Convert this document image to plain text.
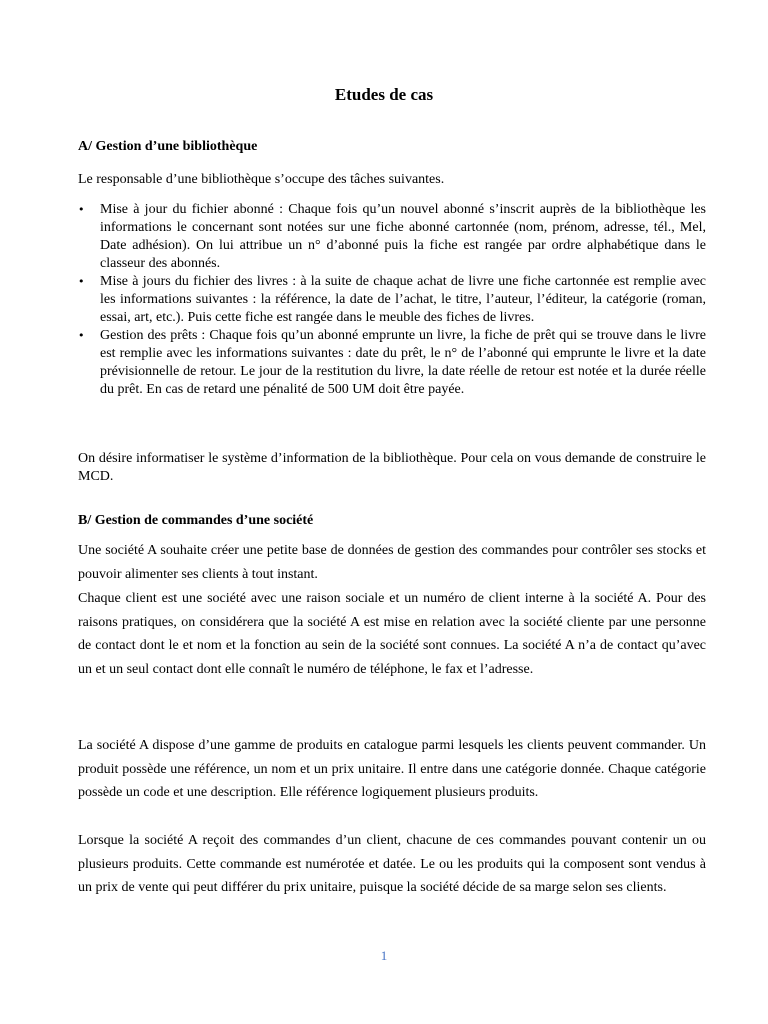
Etudes de cas
A/ Gestion d’une bibliothèque

Le responsable d’une bibliothèque s’occupe des tâches suivantes.

• Mise à jour du fichier abonné : Chaque fois qu’un nouvel abonné s’inscrit auprès de la bibliothèque les informations le concernant sont notées sur une fiche abonné cartonnée (nom, prénom, adresse, tél., Mel, Date adhésion). On lui attribue un n° d’abonné puis la fiche est rangée par ordre alphabétique dans le classeur des abonnés.
• Mise à jours du fichier des livres : à la suite de chaque achat de livre une fiche cartonnée est remplie avec les informations suivantes : la référence, la date de l’achat, le titre, l’auteur, l’éditeur, la catégorie (roman, essai, art, etc.). Puis cette fiche est rangée dans le meuble des fiches de livres.
• Gestion des prêts : Chaque fois qu’un abonné emprunte un livre, la fiche de prêt qui se trouve dans le livre est remplie avec les informations suivantes : date du prêt, le n° de l’abonné qui emprunte le livre et la date prévisionnelle de retour. Le jour de la restitution du livre, la date réelle de retour est notée et la durée réelle du prêt. En cas de retard une pénalité de 500 UM doit être payée.

On désire informatiser le système d’information de la bibliothèque. Pour cela on vous demande de construire le MCD.

B/ Gestion de commandes d’une société

Une société A souhaite créer une petite base de données de gestion des commandes pour contrôler ses stocks et pouvoir alimenter ses clients à tout instant.

Chaque client est une société avec une raison sociale et un numéro de client interne à la société A. Pour des raisons pratiques, on considérera que la société A est mise en relation avec la société cliente par une personne de contact dont le et nom et la fonction au sein de la société sont connues. La société A n’a de contact qu’avec un et un seul contact dont elle connaît le numéro de téléphone, le fax et l’adresse.

La société A dispose d’une gamme de produits en catalogue parmi lesquels les clients peuvent commander. Un produit possède une référence, un nom et un prix unitaire. Il entre dans une catégorie donnée. Chaque catégorie possède un code et une description. Elle référence logiquement plusieurs produits.

Lorsque la société A reçoit des commandes d’un client, chacune de ces commandes pouvant contenir un ou plusieurs produits. Cette commande est numérotée et datée. Le ou les produits qui la composent sont vendus à un prix de vente qui peut différer du prix unitaire, puisque la société décide de sa marge selon ses clients.

1
